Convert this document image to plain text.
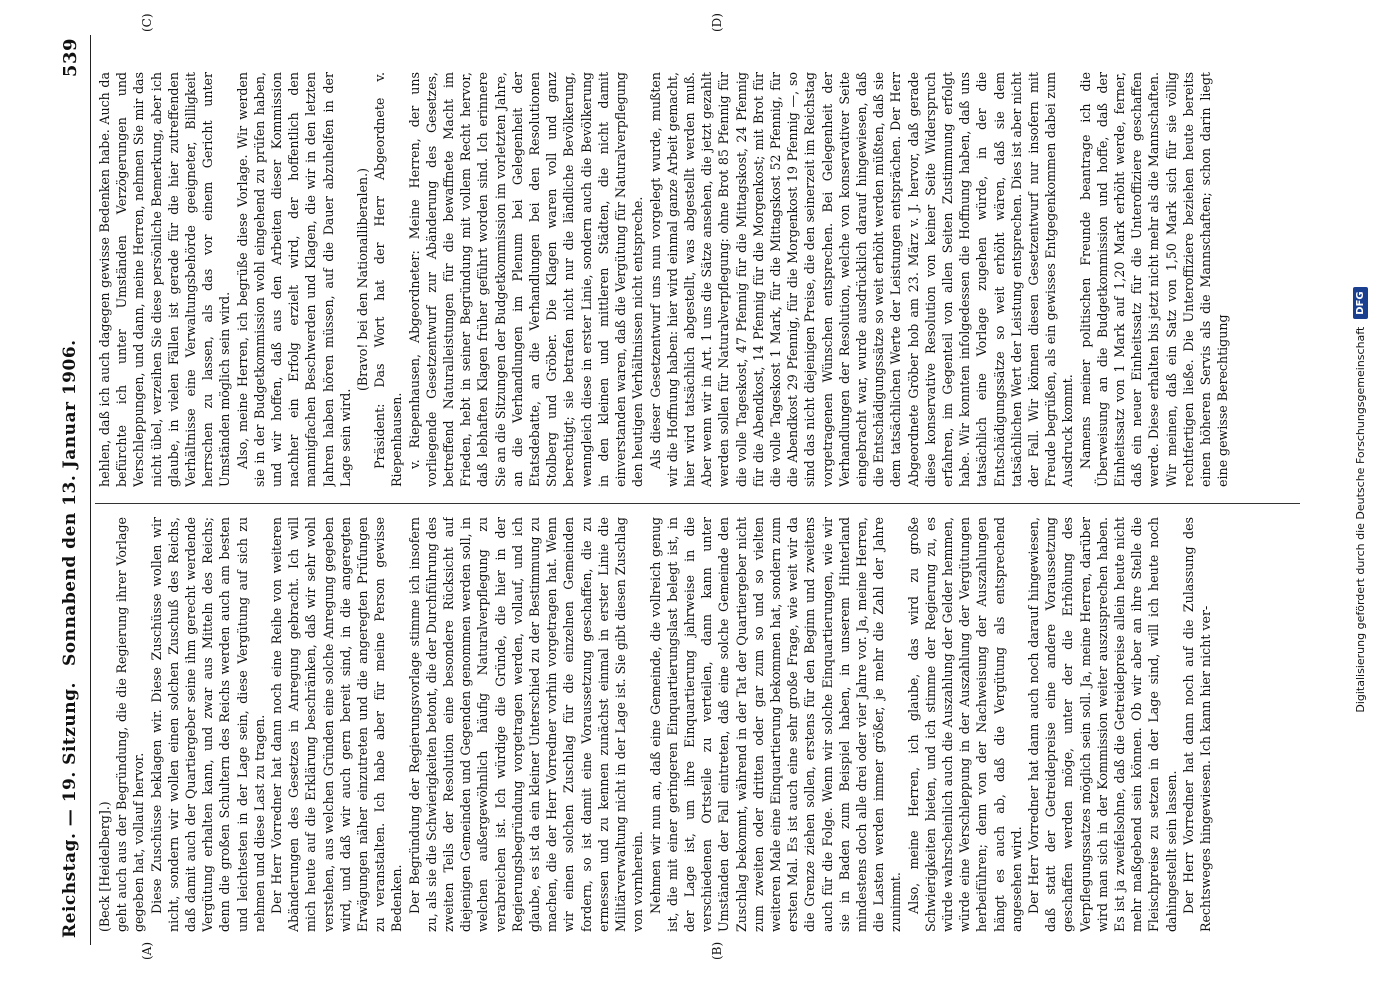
Reichstag. — 19. Sitzung.
Sonnabend den 13. Januar 1906.
539
(A)	(B)
(C)	(D)

(Beck [Heidelberg].) geht auch aus der Begründung, die die Regierung ihrer Vorlage gegeben hat, vollauf hervor. Diese Zuschüsse beklagen wir. Diese Zuschüsse wollen wir nicht, sondern wir wollen einen solchen Zuschuß des Reichs, daß damit auch der Quartiergeber seine ihm gerecht werdende Vergütung erhalten kann, und zwar aus Mitteln des Reichs; denn die großen Schultern des Reichs werden auch am besten und leichtesten in der Lage sein, diese Vergütung auf sich zu nehmen und diese Last zu tragen. Der Herr Vorredner hat dann noch eine Reihe von weiteren Abänderungen des Gesetzes in Anregung gebracht. Ich will mich heute auf die Erklärung beschränken, daß wir sehr wohl verstehen, aus welchen Gründen eine solche Anregung gegeben wird, und daß wir auch gern bereit sind, in die angeregten Erwägungen näher einzutreten und die angeregten Prüfungen zu veranstalten. Ich habe aber für meine Person gewisse Bedenken. Der Begründung der Regierungsvorlage stimme ich insofern zu, als sie die Schwierigkeiten betont, die der Durchführung des zweiten Teils der Resolution eine besondere Rücksicht auf diejenigen Gemeinden und Gegenden genommen werden soll, in welchen außergewöhnlich häufig Naturalverpflegung zu verabreichen ist. Ich würdige die Gründe, die hier in der Regierungsbegründung vorgetragen werden, vollauf, und ich glaube, es ist da ein kleiner Unterschied zu der Bestimmung zu machen, die der Herr Vorredner vorhin vorgetragen hat. Wenn wir einen solchen Zuschlag für die einzelnen Gemeinden fordern, so ist damit eine Voraussetzung geschaffen, die zu ermessen und zu kennen zunächst einmal in erster Linie die Militärverwaltung nicht in der Lage ist. Sie gibt diesen Zuschlag von vornherein. Nehmen wir nun an, daß eine Gemeinde, die vollreich genug ist, die mit einer geringeren Einquartierungslast belegt ist, in der Lage ist, um ihre Einquartierung jahrweise in die verschiedenen Ortsteile zu verteilen, dann kann unter Umständen der Fall eintreten, daß eine solche Gemeinde den Zuschlag bekommt, während in der Tat der Quartiergeber nicht zum zweiten oder dritten oder gar zum so und so vielten weiteren Male eine Einquartierung bekommen hat, sondern zum ersten Mal. Es ist auch eine sehr große Frage, wie weit wir da die Grenze ziehen sollen, erstens für den Beginn und zweitens auch für die Folge. Wenn wir solche Einquartierungen, wie wir sie in Baden zum Beispiel haben, in unserem Hinterland mindestens doch alle drei oder vier Jahre vor. Ja, meine Herren, die Lasten werden immer größer, je mehr die Zahl der Jahre zunimmt. Also, meine Herren, ich glaube, das wird zu große Schwierigkeiten bieten, und ich stimme der Regierung zu, es würde wahrscheinlich auch die Auszahlung der Gelder hemmen, würde eine Verschleppung in der Auszahlung der Vergütungen herbeiführen; denn von der Nachweisung der Auszahlungen hängt es auch ab, daß die Vergütung als entsprechend angesehen wird. Der Herr Vorredner hat dann auch noch darauf hingewiesen, daß statt der Getreidepreise eine andere Voraussetzung geschaffen werden möge, unter der die Erhöhung des Verpflegungssatzes möglich sein soll. Ja, meine Herren, darüber wird man sich in der Kommission weiter auszusprechen haben. Es ist ja zweifelsohne, daß die Getreidepreise allein heute nicht mehr maßgebend sein können. Ob wir aber an ihre Stelle die Fleischpreise zu setzen in der Lage sind, will ich heute noch dahingestellt sein lassen. Der Herr Vorredner hat dann noch auf die Zulassung des Rechtsweges hingewiesen. Ich kann hier nicht ver-

hehlen, daß ich auch dagegen gewisse Bedenken habe. Auch da befürchte ich unter Umständen Verzögerungen und Verschleppungen, und dann, meine Herren, nehmen Sie mir das nicht übel, verzeihen Sie diese persönliche Bemerkung, aber ich glaube, in vielen Fällen ist gerade für die hier zutreffenden Verhältnisse eine Verwaltungsbehörde geeigneter, Billigkeit herrschen zu lassen, als das vor einem Gericht unter Umständen möglich sein wird. Also, meine Herren, ich begrüße diese Vorlage. Wir werden sie in der Budgetkommission wohl eingehend zu prüfen haben, und wir hoffen, daß aus den Arbeiten dieser Kommission nachher ein Erfolg erzielt wird, der hoffentlich den mannigfachen Beschwerden und Klagen, die wir in den letzten Jahren haben hören müssen, auf die Dauer abzuhelfen in der Lage sein wird.

(Bravo! bei den Nationalliberalen.) Präsident: Das Wort hat der Herr Abgeordnete v. Riepenhausen. v. Riepenhausen, Abgeordneter: Meine Herren, der uns vorliegende Gesetzentwurf zur Abänderung des Gesetzes, betreffend Naturalleistungen für die bewaffnete Macht im Frieden, hebt in seiner Begründung mit vollem Recht hervor, daß lebhaften Klagen früher geführt worden sind. Ich erinnere Sie an die Sitzungen der Budgetkommission im vorletzten Jahre, an die Verhandlungen im Plenum bei Gelegenheit der Etatsdebatte, an die Verhandlungen bei den Resolutionen Stolberg und Gröber. Die Klagen waren voll und ganz berechtigt; sie betrafen nicht nur die ländliche Bevölkerung, wenngleich diese in erster Linie, sondern auch die Bevölkerung in den kleinen und mittleren Städten, die nicht damit einverstanden waren, daß die Vergütung für Naturalverpflegung den heutigen Verhältnissen nicht entspreche. Als dieser Gesetzentwurf uns nun vorgelegt wurde, mußten wir die Hoffnung haben: hier wird einmal ganze Arbeit gemacht, hier wird tatsächlich abgestellt, was abgestellt werden muß. Aber wenn wir in Art. 1 uns die Sätze ansehen, die jetzt gezahlt werden sollen für Naturalverpflegung: ohne Brot 85 Pfennig für die volle Tageskost, 47 Pfennig für die Mittagskost, 24 Pfennig für die Abendkost, 14 Pfennig für die Morgenkost; mit Brot für die volle Tageskost 1 Mark, für die Mittagskost 52 Pfennig, für die Abendkost 29 Pfennig, für die Morgenkost 19 Pfennig —, so sind das nicht diejenigen Preise, die den seinerzeit im Reichstag vorgetragenen Wünschen entsprechen. Bei Gelegenheit der Verhandlungen der Resolution, welche von konservativer Seite eingebracht war, wurde ausdrücklich darauf hingewiesen, daß die Entschädigungssätze so weit erhöht werden müßten, daß sie dem tatsächlichen Werte der Leistungen entsprächen. Der Herr Abgeordnete Gröber hob am 23. März v. J. hervor, daß gerade diese konservative Resolution von keiner Seite Widerspruch erfahren, im Gegenteil von allen Seiten Zustimmung erfolgt habe. Wir konnten infolgedessen die Hoffnung haben, daß uns tatsächlich eine Vorlage zugehen würde, in der die Entschädigungssätze so weit erhöht wären, daß sie dem tatsächlichen Wert der Leistung entsprechen. Dies ist aber nicht der Fall. Wir können diesen Gesetzentwurf nur insofern mit Freude begrüßen, als ein gewisses Entgegenkommen dabei zum Ausdruck kommt. Namens meiner politischen Freunde beantrage ich die Überweisung an die Budgetkommission und hoffe, daß der Einheitssatz von 1 Mark auf 1,20 Mark erhöht werde, ferner, daß ein neuer Einheitssatz für die Unteroffiziere geschaffen werde. Diese erhalten bis jetzt nicht mehr als die Mannschaften. Wir meinen, daß ein Satz von 1,50 Mark sich für sie völlig rechtfertigen ließe. Die Unteroffiziere beziehen heute bereits einen höheren Servis als die Mannschaften; schon darin liegt eine gewisse Berechtigung	Digitalisierung gefördert durch die Deutsche Forschungsgemeinschaft
DFG
